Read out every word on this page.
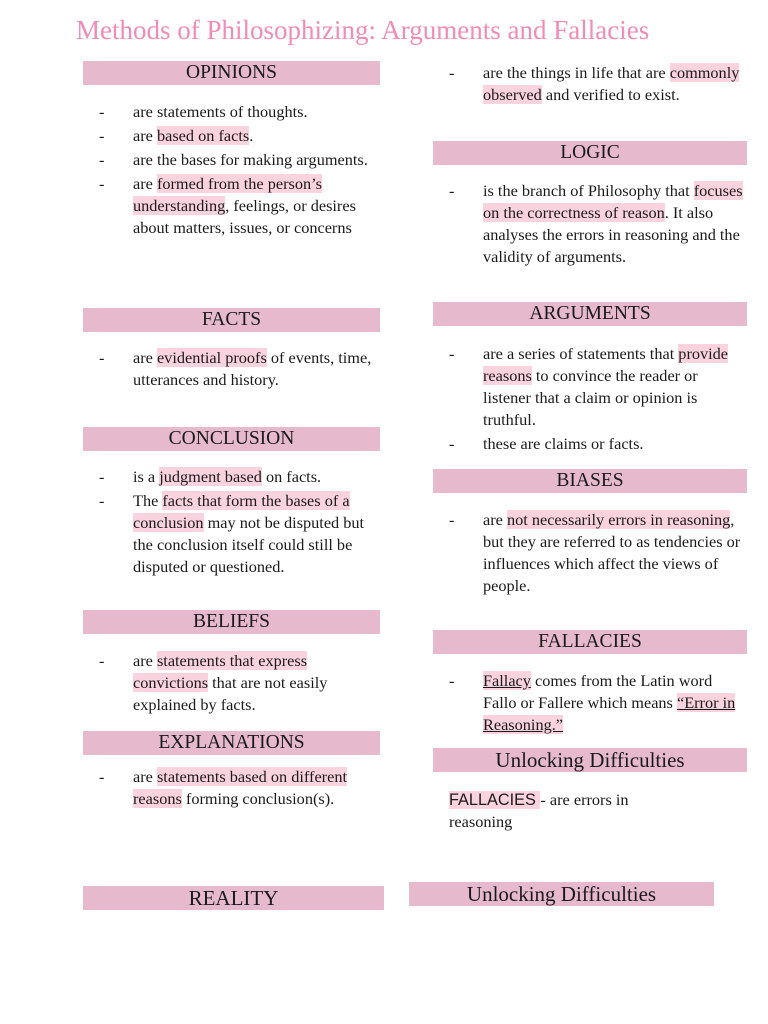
Methods of Philosophizing: Arguments and Fallacies
OPINIONS
- are statements of thoughts.
- are based on facts.
- are the bases for making arguments.
- are formed from the person’s understanding, feelings, or desires about matters, issues, or concerns
FACTS
- are evidential proofs of events, time, utterances and history.
CONCLUSION
- is a judgment based on facts.
- The facts that form the bases of a conclusion may not be disputed but the conclusion itself could still be disputed or questioned.
BELIEFS
- are statements that express convictions that are not easily explained by facts.
EXPLANATIONS
- are statements based on different reasons forming conclusion(s).
REALITY
- are the things in life that are commonly observed and verified to exist.
LOGIC
- is the branch of Philosophy that focuses on the correctness of reason. It also analyses the errors in reasoning and the validity of arguments.
ARGUMENTS
- are a series of statements that provide reasons to convince the reader or listener that a claim or opinion is truthful.
- these are claims or facts.
BIASES
- are not necessarily errors in reasoning, but they are referred to as tendencies or influences which affect the views of people.
FALLACIES
- Fallacy comes from the Latin word Fallo or Fallere which means “Error in Reasoning.”
Unlocking Difficulties
FALLACIES - are errors in reasoning
Unlocking Difficulties
